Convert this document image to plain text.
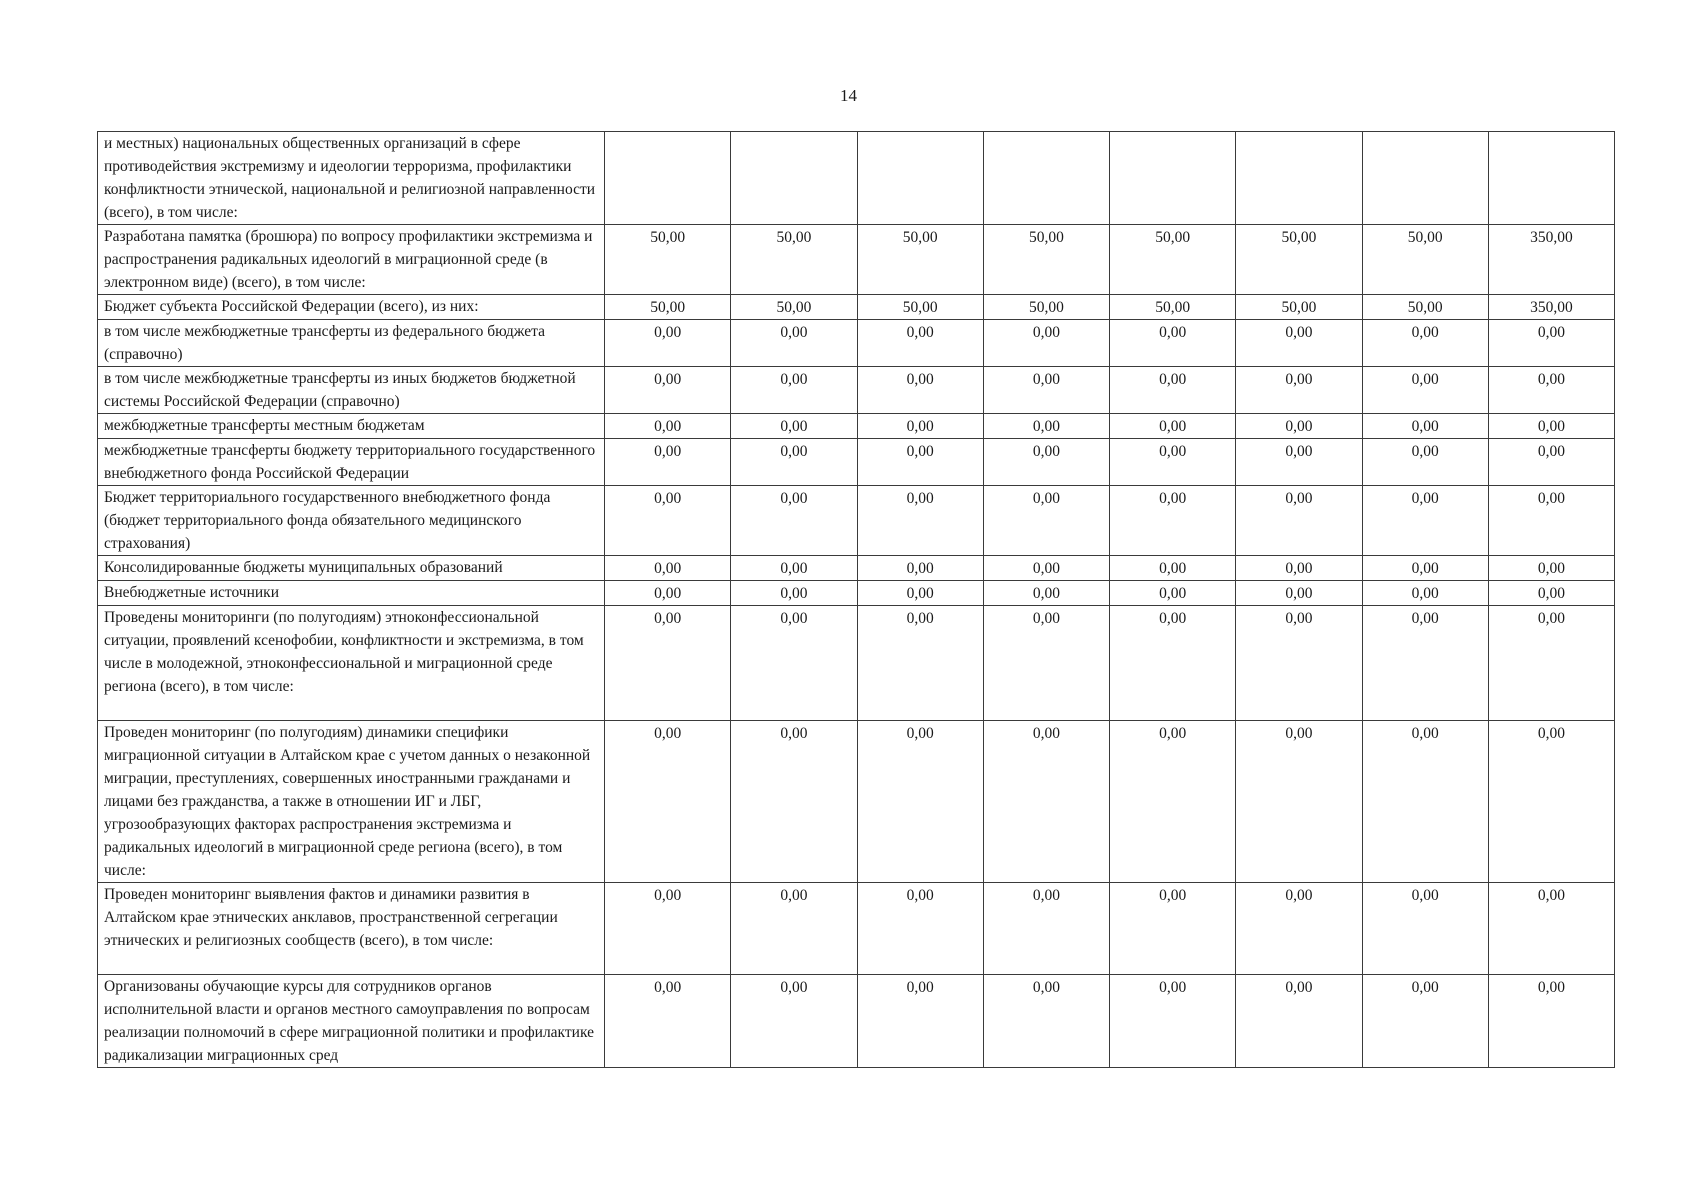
14
и местных) национальных общественных организаций в сфере противодействия экстремизму и идеологии терроризма, профилактики конфликтности этнической, национальной и религиозной направленности (всего), в том числе:								
Разработана памятка (брошюра) по вопросу профилактики экстремизма и распространения радикальных идеологий в миграционной среде (в электронном виде) (всего), в том числе:	50,00	50,00	50,00	50,00	50,00	50,00	50,00	350,00
Бюджет субъекта Российской Федерации (всего), из них:	50,00	50,00	50,00	50,00	50,00	50,00	50,00	350,00
в том числе межбюджетные трансферты из федерального бюджета (справочно)	0,00	0,00	0,00	0,00	0,00	0,00	0,00	0,00
в том числе межбюджетные трансферты из иных бюджетов бюджетной системы Российской Федерации (справочно)	0,00	0,00	0,00	0,00	0,00	0,00	0,00	0,00
межбюджетные трансферты местным бюджетам	0,00	0,00	0,00	0,00	0,00	0,00	0,00	0,00
межбюджетные трансферты бюджету территориального государственного внебюджетного фонда Российской Федерации	0,00	0,00	0,00	0,00	0,00	0,00	0,00	0,00
Бюджет территориального государственного внебюджетного фонда (бюджет территориального фонда обязательного медицинского страхования)	0,00	0,00	0,00	0,00	0,00	0,00	0,00	0,00
Консолидированные бюджеты муниципальных образований	0,00	0,00	0,00	0,00	0,00	0,00	0,00	0,00
Внебюджетные источники	0,00	0,00	0,00	0,00	0,00	0,00	0,00	0,00
Проведены мониторинги (по полугодиям) этноконфессиональной ситуации, проявлений ксенофобии, конфликтности и экстремизма, в том числе в молодежной, этноконфессиональной и миграционной среде региона (всего), в том числе:	0,00	0,00	0,00	0,00	0,00	0,00	0,00	0,00
Проведен мониторинг (по полугодиям) динамики специфики миграционной ситуации в Алтайском крае с учетом данных о незаконной миграции, преступлениях, совершенных иностранными гражданами и лицами без гражданства, а также в отношении ИГ и ЛБГ, угрозообразующих факторах распространения экстремизма и радикальных идеологий в миграционной среде региона (всего), в том числе:	0,00	0,00	0,00	0,00	0,00	0,00	0,00	0,00
Проведен мониторинг выявления фактов и динамики развития в Алтайском крае этнических анклавов, пространственной сегрегации этнических и религиозных сообществ (всего), в том числе:	0,00	0,00	0,00	0,00	0,00	0,00	0,00	0,00
Организованы обучающие курсы для сотрудников органов исполнительной власти и органов местного самоуправления по вопросам реализации полномочий в сфере миграционной политики и профилактике радикализации миграционных сред	0,00	0,00	0,00	0,00	0,00	0,00	0,00	0,00
